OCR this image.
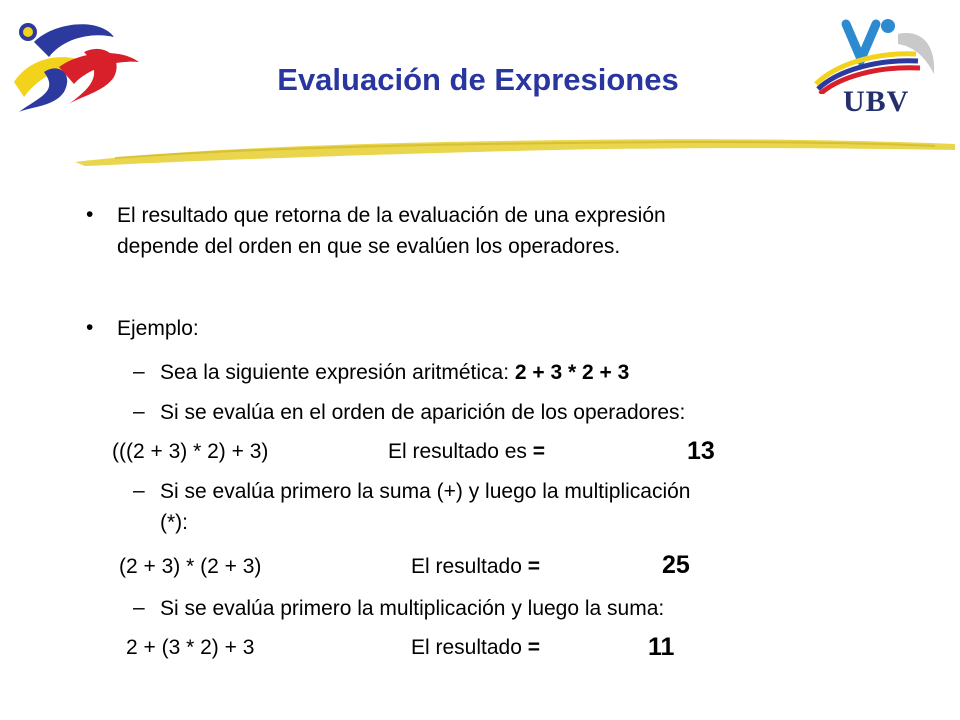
UBV
Evaluación de Expresiones
• El resultado que retorna de la evaluación de una expresión
depende del orden en que se evalúen los operadores.
• Ejemplo:
– Sea la siguiente expresión aritmética: 2 + 3 * 2 + 3
– Si se evalúa en el orden de aparición de los operadores:
(((2 + 3) * 2) + 3)	El resultado es =	13
– Si se evalúa primero la suma (+) y luego la multiplicación
(*):
(2 + 3) * (2 + 3)	El resultado =	25
– Si se evalúa primero la multiplicación y luego la suma:
2 + (3 * 2) + 3	El resultado =	11
